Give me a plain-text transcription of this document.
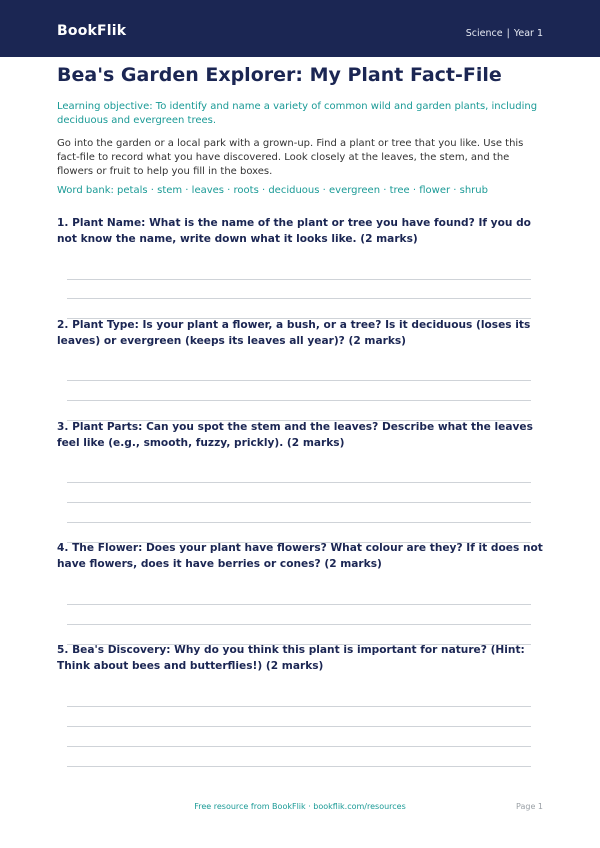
BookFlik	Science | Year 1
Bea's Garden Explorer: My Plant Fact-File

Learning objective: To identify and name a variety of common wild and garden plants, including deciduous and evergreen trees.

Go into the garden or a local park with a grown-up. Find a plant or tree that you like. Use this fact-file to record what you have discovered. Look closely at the leaves, the stem, and the flowers or fruit to help you fill in the boxes.

Word bank: petals · stem · leaves · roots · deciduous · evergreen · tree · flower · shrub

1. Plant Name: What is the name of the plant or tree you have found? If you do not know the name, write down what it looks like. (2 marks)

2. Plant Type: Is your plant a flower, a bush, or a tree? Is it deciduous (loses its leaves) or evergreen (keeps its leaves all year)? (2 marks)

3. Plant Parts: Can you spot the stem and the leaves? Describe what the leaves feel like (e.g., smooth, fuzzy, prickly). (2 marks)

4. The Flower: Does your plant have flowers? What colour are they? If it does not have flowers, does it have berries or cones? (2 marks)

5. Bea's Discovery: Why do you think this plant is important for nature? (Hint: Think about bees and butterflies!) (2 marks)

Free resource from BookFlik · bookflik.com/resources	Page 1
